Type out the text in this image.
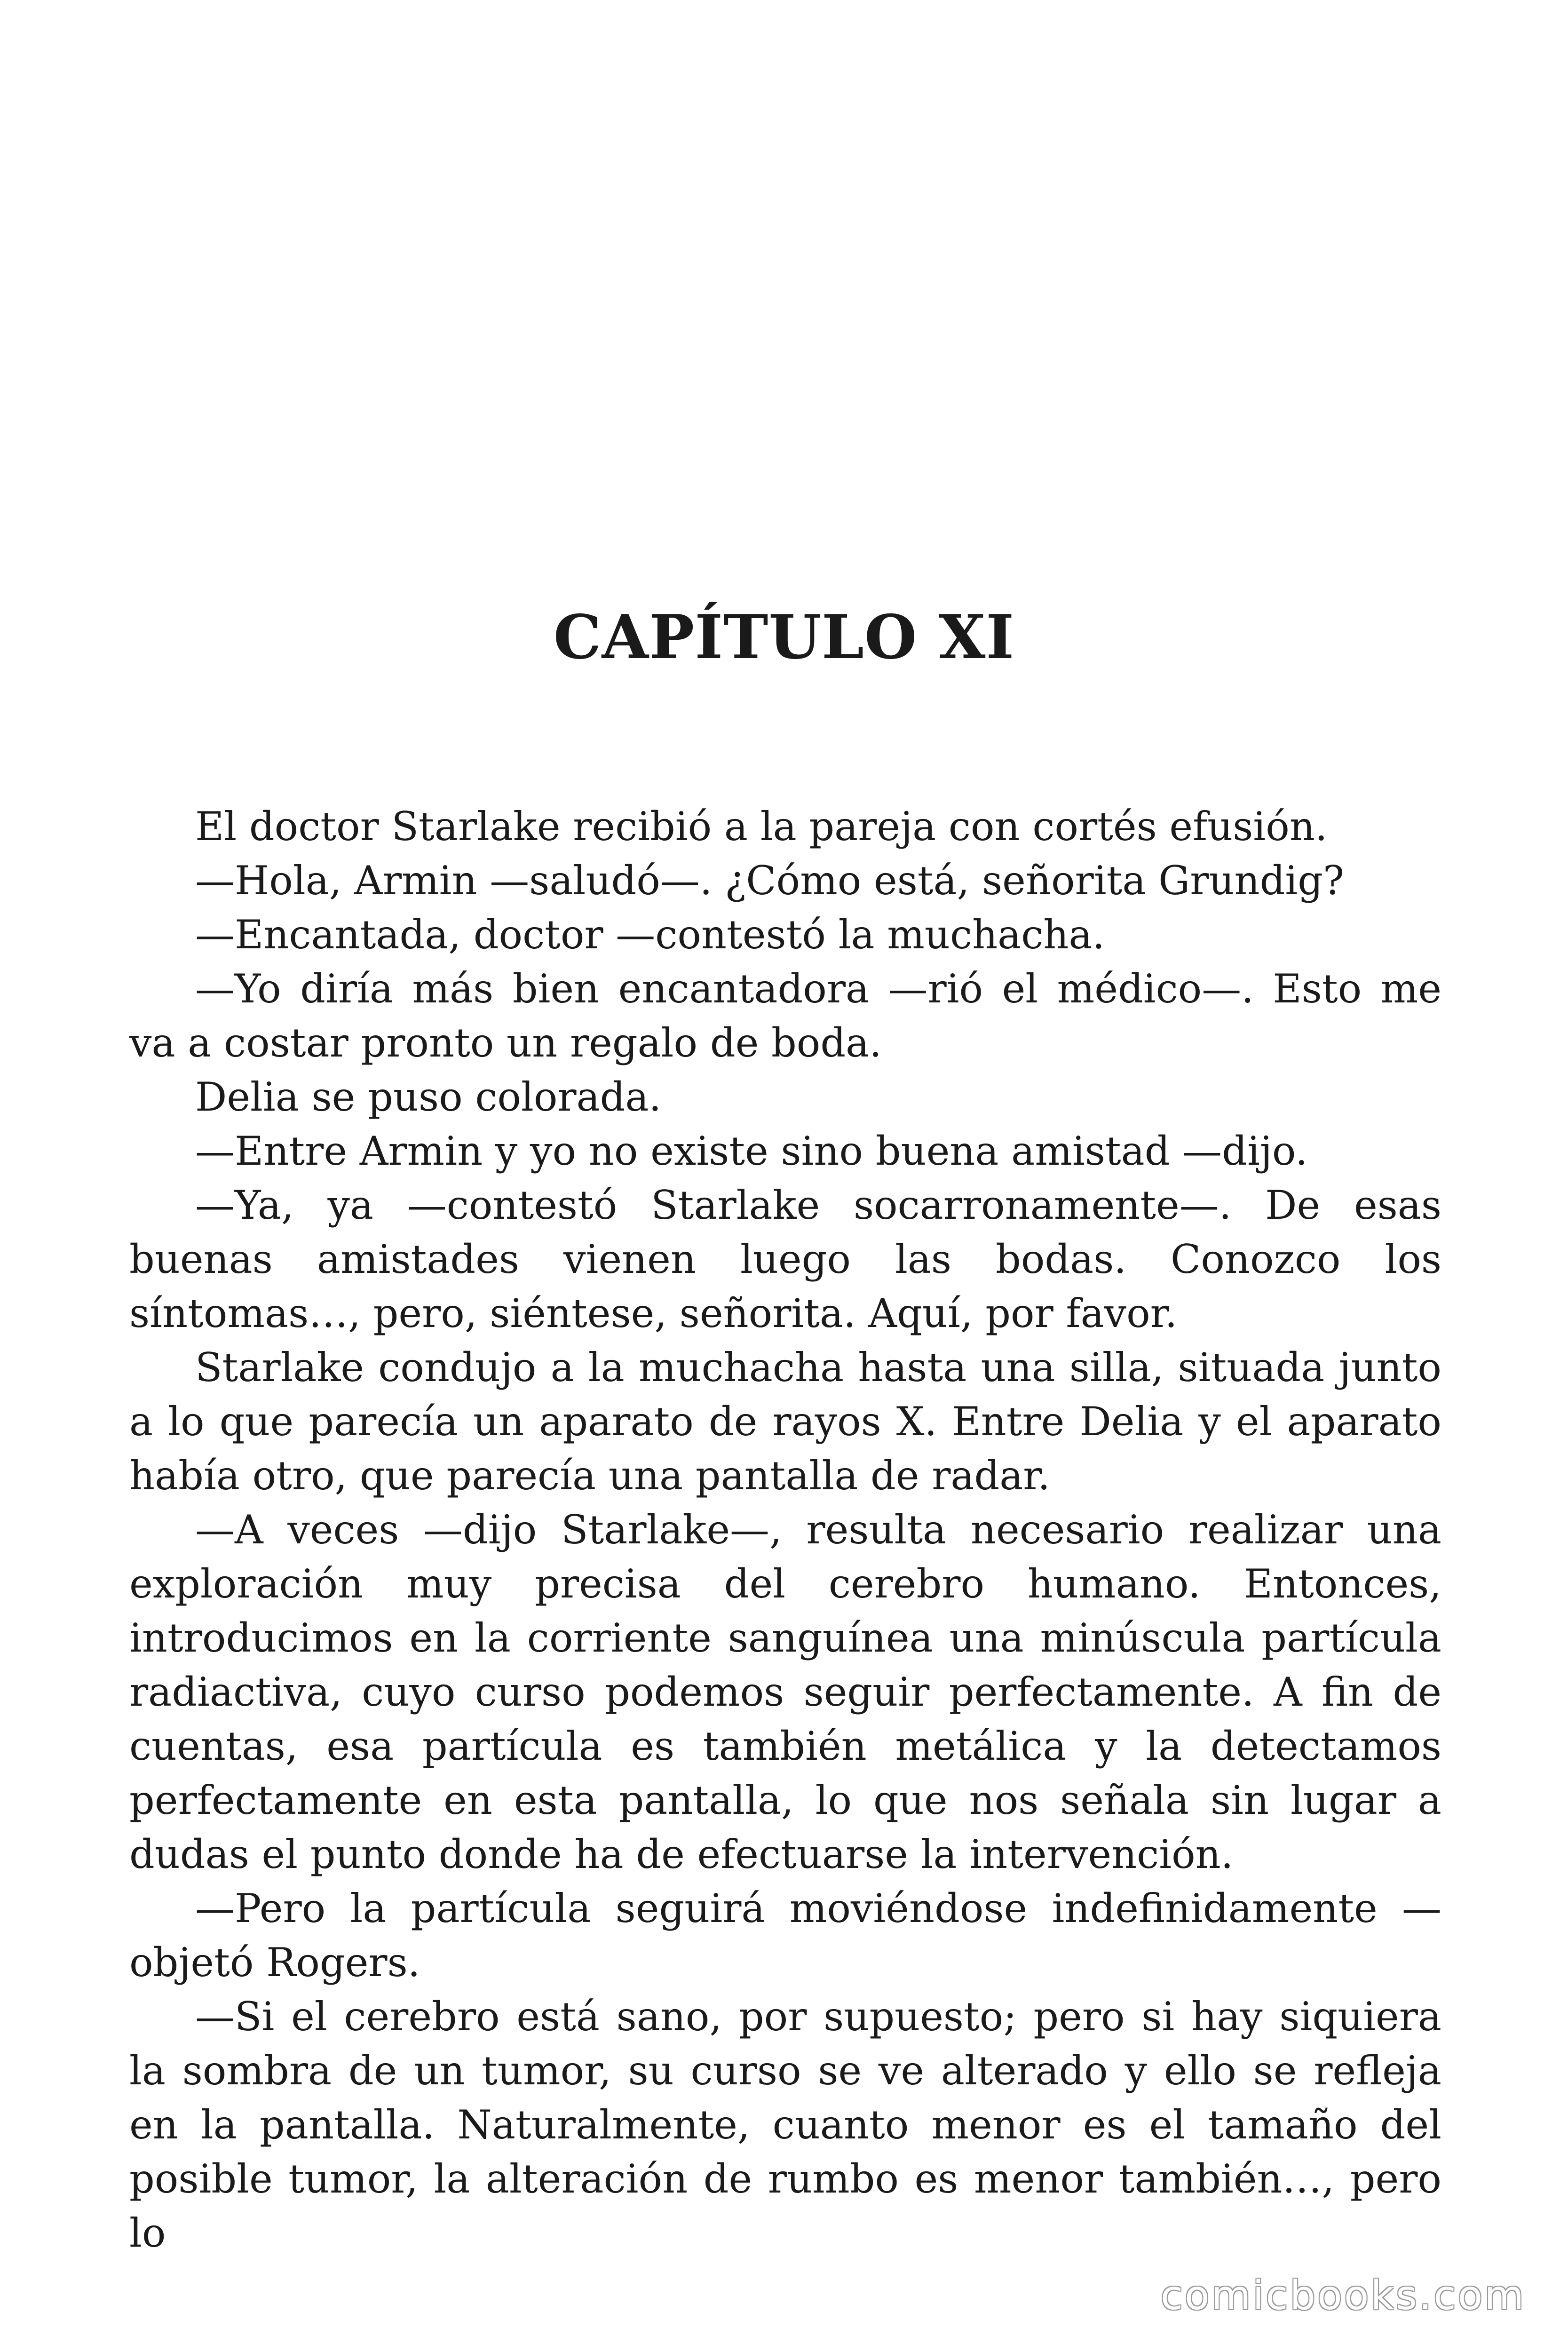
CAPÍTULO XI

El doctor Starlake recibió a la pareja con cortés efusión.

—Hola, Armin —saludó—. ¿Cómo está, señorita Grundig?

—Encantada, doctor —contestó la muchacha.

—Yo diría más bien encantadora —rió el médico—. Esto me va a costar pronto un regalo de boda.

Delia se puso colorada.

—Entre Armin y yo no existe sino buena amistad —dijo.

—Ya, ya —contestó Starlake socarronamente—. De esas buenas amistades vienen luego las bodas. Conozco los síntomas…, pero, siéntese, señorita. Aquí, por favor.

Starlake condujo a la muchacha hasta una silla, situada junto a lo que parecía un aparato de rayos X. Entre Delia y el aparato había otro, que parecía una pantalla de radar.

—A veces —dijo Starlake—, resulta necesario realizar una exploración muy precisa del cerebro humano. Entonces, introducimos en la corriente sanguínea una minúscula partícula radiactiva, cuyo curso podemos seguir perfectamente. A fin de cuentas, esa partícula es también metálica y la detectamos perfectamente en esta pantalla, lo que nos señala sin lugar a dudas el punto donde ha de efectuarse la intervención.

—Pero la partícula seguirá moviéndose indefinidamente —objetó Rogers.

—Si el cerebro está sano, por supuesto; pero si hay siquiera la sombra de un tumor, su curso se ve alterado y ello se refleja en la pantalla. Naturalmente, cuanto menor es el tamaño del posible tumor, la alteración de rumbo es menor también…, pero lo

comicbooks.com
